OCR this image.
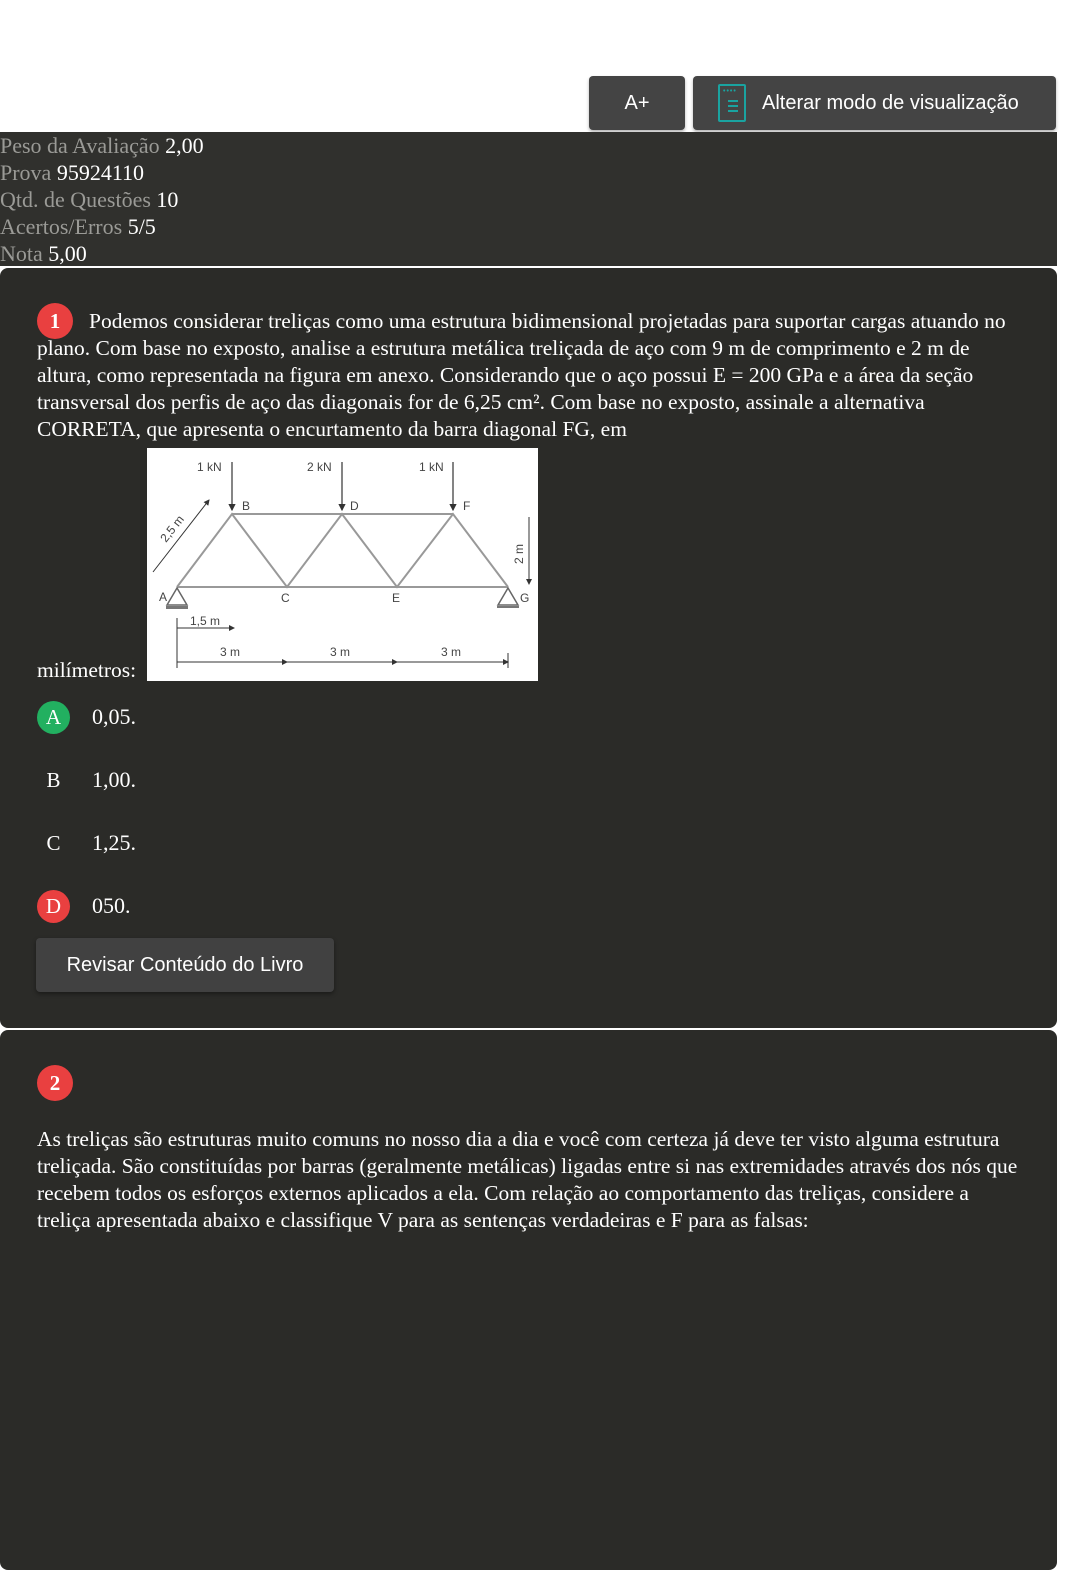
A+	•••• Alterar modo de visualização
Peso da Avaliação 2,00
Prova 95924110
Qtd. de Questões 10
Acertos/Erros 5/5
Nota 5,00
1	Podemos considerar treliças como uma estrutura bidimensional projetadas para suportar cargas atuando no plano. Com base no exposto, analise a estrutura metálica treliçada de aço com 9 m de comprimento e 2 m de altura, como representada na figura em anexo. Considerando que o aço possui E = 200 GPa e a área da seção transversal dos perfis de aço das diagonais for de 6,25 cm². Com base no exposto, assinale a alternativa CORRETA, que apresenta o encurtamento da barra diagonal FG, em
milímetros:
1 kN	2 kN	1 kN
A
B
C
D
E
F
G
2,5 m
2 m
1,5 m
3 m	3 m	3 m
A	0,05.
B	1,00.
C	1,25.
D	050.
Revisar Conteúdo do Livro
2
As treliças são estruturas muito comuns no nosso dia a dia e você com certeza já deve ter visto alguma estrutura treliçada. São constituídas por barras (geralmente metálicas) ligadas entre si nas extremidades através dos nós que recebem todos os esforços externos aplicados a ela. Com relação ao comportamento das treliças, considere a treliça apresentada abaixo e classifique V para as sentenças verdadeiras e F para as falsas:
